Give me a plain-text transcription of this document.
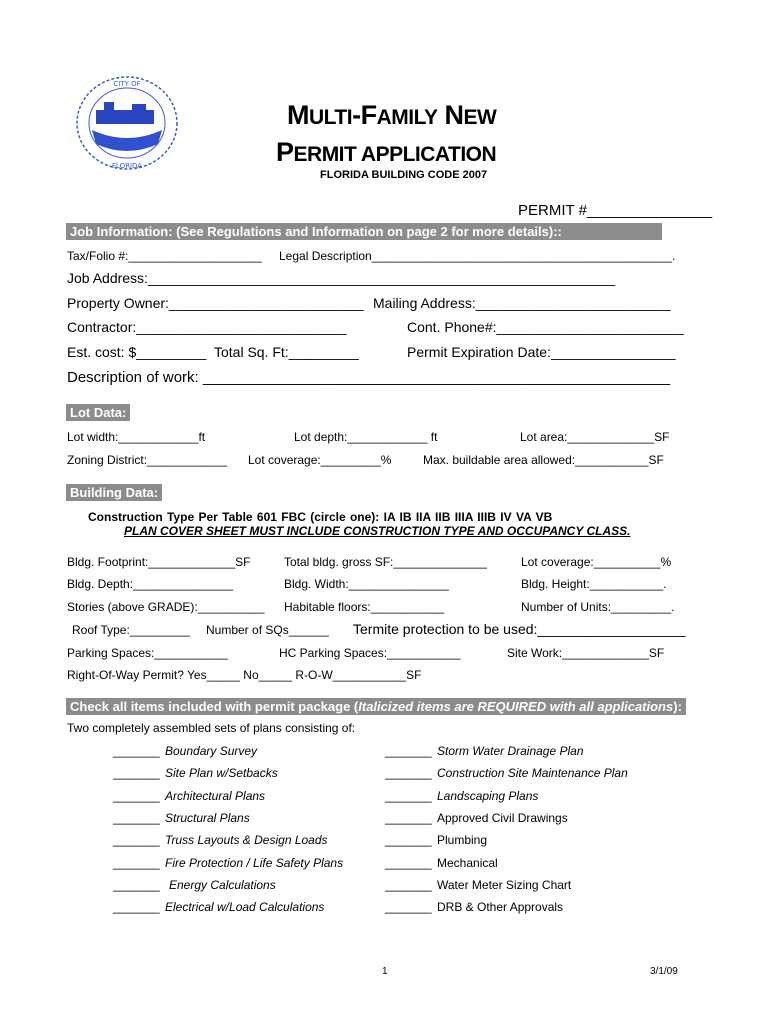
CITY OF
FLORIDA
MULTI-FAMILY NEW
PERMIT APPLICATION
FLORIDA BUILDING CODE 2007
PERMIT #_______________
Job Information: (See Regulations and Information on page 2 for more details)::
Tax/Folio #:____________________ Legal Description_____________________________________________.
Job Address:____________________________________________________________
Property Owner:_________________________ Mailing Address:_________________________
Contractor:___________________________	Cont. Phone#:________________________
Est. cost: $_________ Total Sq. Ft:_________	Permit Expiration Date:________________
Description of work: ________________________________________________________
Lot Data:
Lot width:____________ft	Lot depth:____________ ft	Lot area:_____________SF
Zoning District:____________ Lot coverage:_________%	Max. buildable area allowed:___________SF
Building Data:
Construction Type Per Table 601 FBC (circle one): IA IB IIA IIB IIIA IIIB IV VA VB
PLAN COVER SHEET MUST INCLUDE CONSTRUCTION TYPE AND OCCUPANCY CLASS.
Bldg. Footprint:_____________SF	Total bldg. gross SF:______________	Lot coverage:__________%
Bldg. Depth:_______________	Bldg. Width:_______________	Bldg. Height:___________.
Stories (above GRADE):__________ Habitable floors:___________	Number of Units:_________.
Roof Type:_________ Number of SQs______ Termite protection to be used:___________________
Parking Spaces:___________	HC Parking Spaces:___________	Site Work:_____________SF
Right-Of-Way Permit? Yes_____ No_____ R-O-W___________SF
Check all items included with permit package (Italicized items are REQUIRED with all applications):
Two completely assembled sets of plans consisting of:
_______ Boundary Survey
_______ Site Plan w/Setbacks
_______ Architectural Plans
_______ Structural Plans
_______ Truss Layouts & Design Loads
_______ Fire Protection / Life Safety Plans
_______ Energy Calculations
_______ Electrical w/Load Calculations
_______ Storm Water Drainage Plan
_______ Construction Site Maintenance Plan
_______ Landscaping Plans
_______ Approved Civil Drawings
_______ Plumbing
_______ Mechanical
_______ Water Meter Sizing Chart
_______ DRB & Other Approvals
1	3/1/09
